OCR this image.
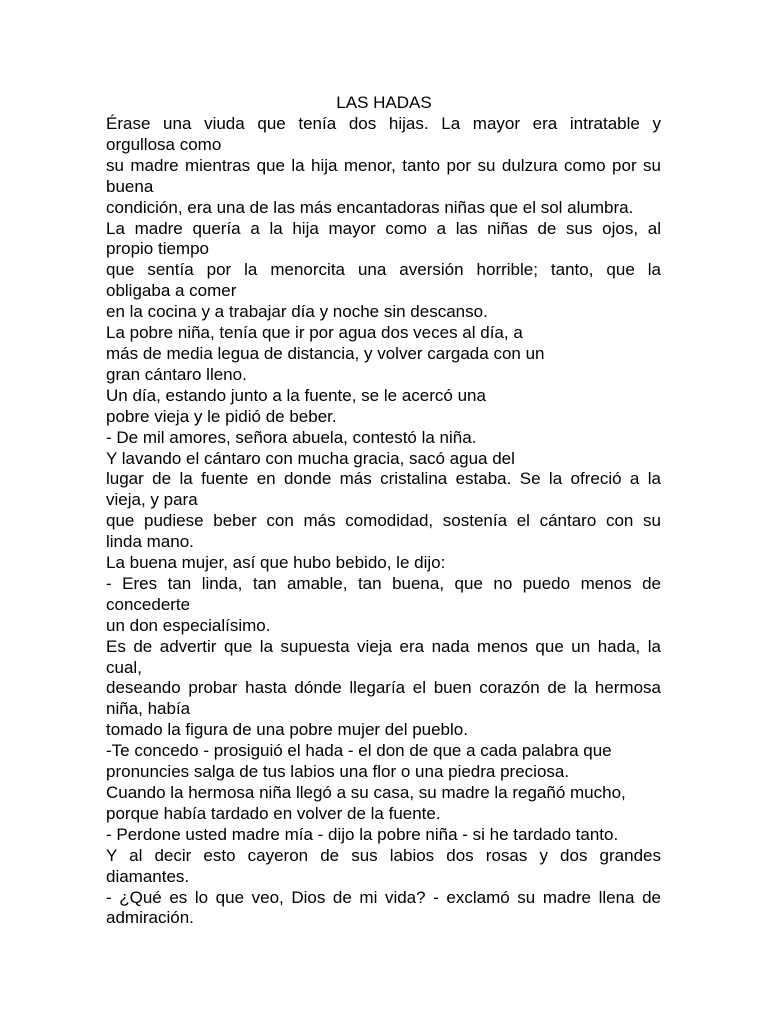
LAS HADAS

Érase una viuda que tenía dos hijas. La mayor era intratable y
orgullosa como

su madre mientras que la hija menor, tanto por su dulzura como por su
buena

condición, era una de las más encantadoras niñas que el sol alumbra.

La madre quería a la hija mayor como a las niñas de sus ojos, al
propio tiempo

que sentía por la menorcita una aversión horrible; tanto, que la
obligaba a comer

en la cocina y a trabajar día y noche sin descanso.

La pobre niña, tenía que ir por agua dos veces al día, a

más de media legua de distancia, y volver cargada con un

gran cántaro lleno.

Un día, estando junto a la fuente, se le acercó una

pobre vieja y le pidió de beber.

- De mil amores, señora abuela, contestó la niña.

Y lavando el cántaro con mucha gracia, sacó agua del

lugar de la fuente en donde más cristalina estaba. Se la ofreció a la
vieja, y para

que pudiese beber con más comodidad, sostenía el cántaro con su
linda mano.

La buena mujer, así que hubo bebido, le dijo:

- Eres tan linda, tan amable, tan buena, que no puedo menos de
concederte

un don especialísimo.

Es de advertir que la supuesta vieja era nada menos que un hada, la
cual,

deseando probar hasta dónde llegaría el buen corazón de la hermosa
niña, había

tomado la figura de una pobre mujer del pueblo.

-Te concedo - prosiguió el hada - el don de que a cada palabra que

pronuncies salga de tus labios una flor o una piedra preciosa.

Cuando la hermosa niña llegó a su casa, su madre la regañó mucho,

porque había tardado en volver de la fuente.

- Perdone usted madre mía - dijo la pobre niña - si he tardado tanto.

Y al decir esto cayeron de sus labios dos rosas y dos grandes
diamantes.

- ¿Qué es lo que veo, Dios de mi vida? - exclamó su madre llena de
admiración.
